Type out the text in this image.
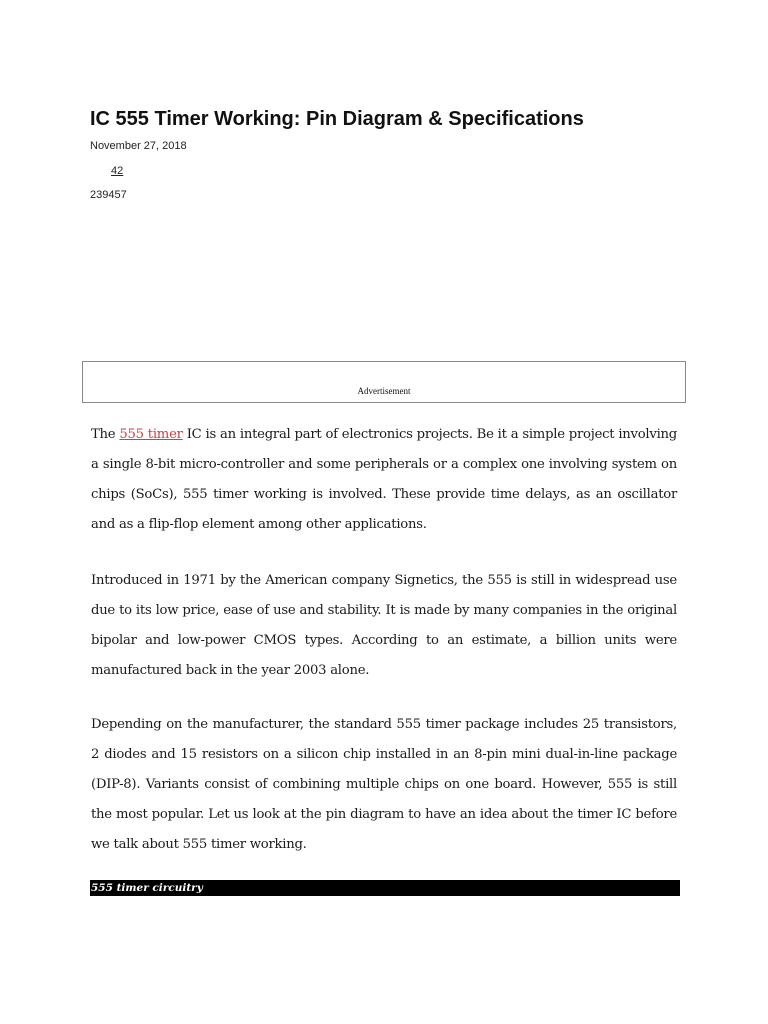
IC 555 Timer Working: Pin Diagram & Specifications
November 27, 2018
42
239457
Advertisement

The 555 timer IC is an integral part of electronics projects. Be it a simple project involving a single 8-bit micro-controller and some peripherals or a complex one involving system on chips (SoCs), 555 timer working is involved. These provide time delays, as an oscillator and as a flip-flop element among other applications.

Introduced in 1971 by the American company Signetics, the 555 is still in widespread use due to its low price, ease of use and stability. It is made by many companies in the original bipolar and low-power CMOS types. According to an estimate, a billion units were manufactured back in the year 2003 alone.

Depending on the manufacturer, the standard 555 timer package includes 25 transistors, 2 diodes and 15 resistors on a silicon chip installed in an 8-pin mini dual-in-line package (DIP-8). Variants consist of combining multiple chips on one board. However, 555 is still the most popular. Let us look at the pin diagram to have an idea about the timer IC before we talk about 555 timer working.

555 timer circuitry
